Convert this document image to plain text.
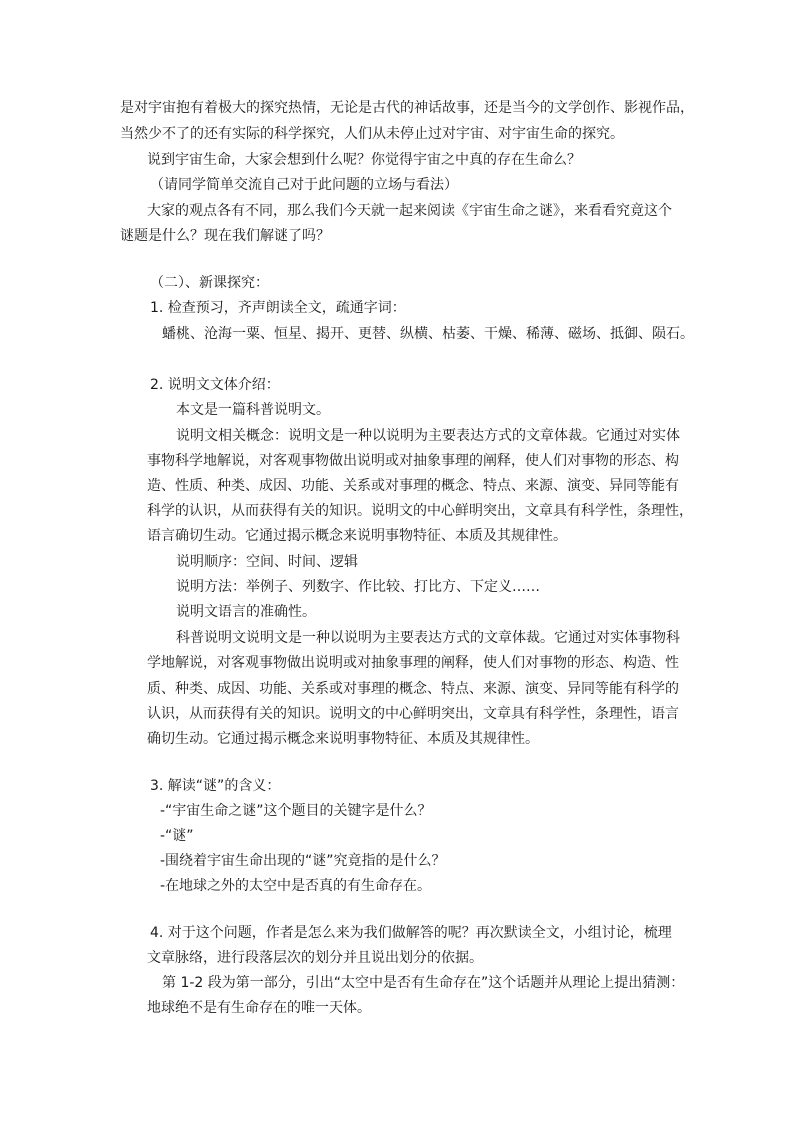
是对宇宙抱有着极大的探究热情，无论是古代的神话故事，还是当今的文学创作、影视作品，
当然少不了的还有实际的科学探究，人们从未停止过对宇宙、对宇宙生命的探究。
说到宇宙生命，大家会想到什么呢？你觉得宇宙之中真的存在生命么？
（请同学简单交流自己对于此问题的立场与看法）
大家的观点各有不同，那么我们今天就一起来阅读《宇宙生命之谜》，来看看究竟这个
谜题是什么？现在我们解谜了吗？
（二）、新课探究：
1. 检查预习，齐声朗读全文，疏通字词：
蟠桃、沧海一粟、恒星、揭开、更替、纵横、枯萎、干燥、稀薄、磁场、抵御、陨石。
2. 说明文文体介绍：
本文是一篇科普说明文。
说明文相关概念：说明文是一种以说明为主要表达方式的文章体裁。它通过对实体
事物科学地解说，对客观事物做出说明或对抽象事理的阐释，使人们对事物的形态、构
造、性质、种类、成因、功能、关系或对事理的概念、特点、来源、演变、异同等能有
科学的认识，从而获得有关的知识。说明文的中心鲜明突出，文章具有科学性，条理性，
语言确切生动。它通过揭示概念来说明事物特征、本质及其规律性。
说明顺序：空间、时间、逻辑
说明方法：举例子、列数字、作比较、打比方、下定义……
说明文语言的准确性。
科普说明文说明文是一种以说明为主要表达方式的文章体裁。它通过对实体事物科
学地解说，对客观事物做出说明或对抽象事理的阐释，使人们对事物的形态、构造、性
质、种类、成因、功能、关系或对事理的概念、特点、来源、演变、异同等能有科学的
认识，从而获得有关的知识。说明文的中心鲜明突出，文章具有科学性，条理性，语言
确切生动。它通过揭示概念来说明事物特征、本质及其规律性。
3. 解读“谜”的含义：
-“宇宙生命之谜”这个题目的关键字是什么？
-“谜”
-围绕着宇宙生命出现的“谜”究竟指的是什么？
-在地球之外的太空中是否真的有生命存在。
4. 对于这个问题，作者是怎么来为我们做解答的呢？再次默读全文，小组讨论，梳理
文章脉络，进行段落层次的划分并且说出划分的依据。
第 1-2 段为第一部分，引出“太空中是否有生命存在”这个话题并从理论上提出猜测：
地球绝不是有生命存在的唯一天体。
